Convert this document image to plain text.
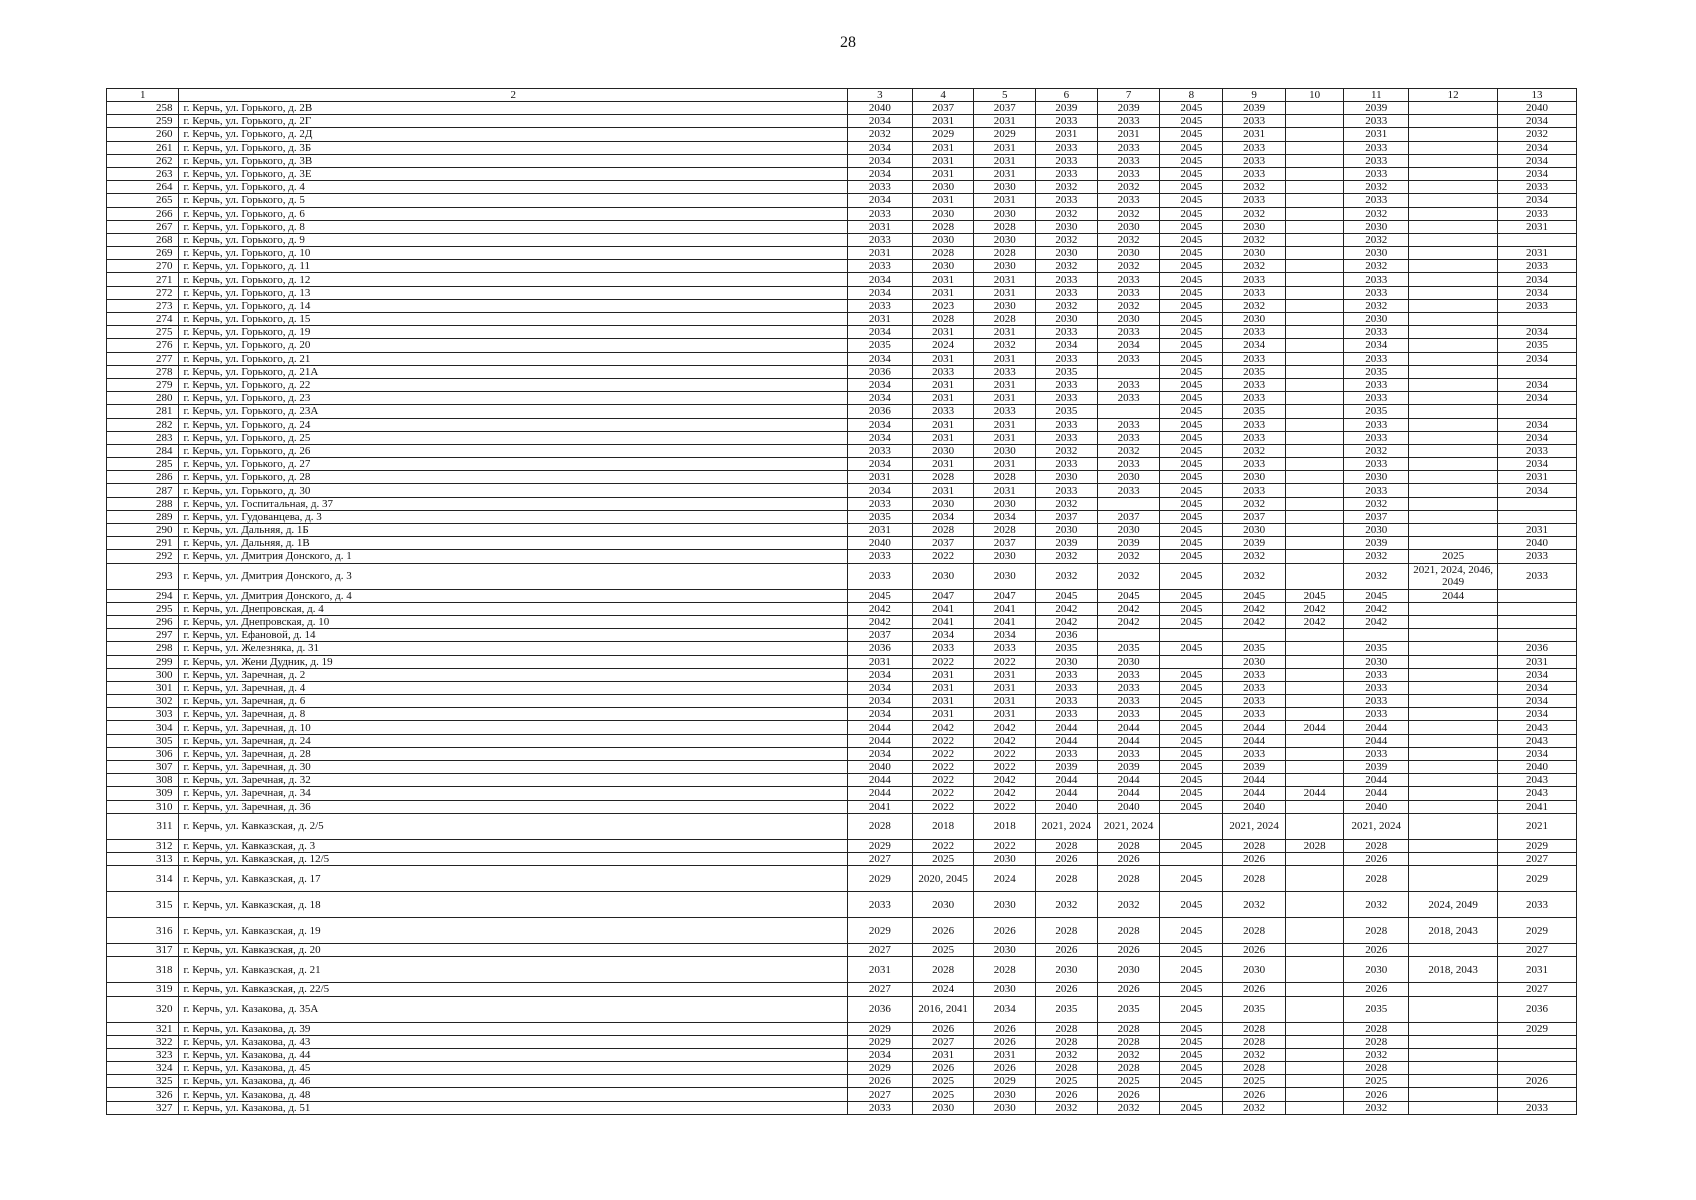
28
1	2	3	4	5	6	7	8	9	10	11	12	13
258	г. Керчь, ул. Горького, д. 2В	2040	2037	2037	2039	2039	2045	2039		2039		2040
259	г. Керчь, ул. Горького, д. 2Г	2034	2031	2031	2033	2033	2045	2033		2033		2034
260	г. Керчь, ул. Горького, д. 2Д	2032	2029	2029	2031	2031	2045	2031		2031		2032
261	г. Керчь, ул. Горького, д. 3Б	2034	2031	2031	2033	2033	2045	2033		2033		2034
262	г. Керчь, ул. Горького, д. 3В	2034	2031	2031	2033	2033	2045	2033		2033		2034
263	г. Керчь, ул. Горького, д. 3Е	2034	2031	2031	2033	2033	2045	2033		2033		2034
264	г. Керчь, ул. Горького, д. 4	2033	2030	2030	2032	2032	2045	2032		2032		2033
265	г. Керчь, ул. Горького, д. 5	2034	2031	2031	2033	2033	2045	2033		2033		2034
266	г. Керчь, ул. Горького, д. 6	2033	2030	2030	2032	2032	2045	2032		2032		2033
267	г. Керчь, ул. Горького, д. 8	2031	2028	2028	2030	2030	2045	2030		2030		2031
268	г. Керчь, ул. Горького, д. 9	2033	2030	2030	2032	2032	2045	2032		2032		
269	г. Керчь, ул. Горького, д. 10	2031	2028	2028	2030	2030	2045	2030		2030		2031
270	г. Керчь, ул. Горького, д. 11	2033	2030	2030	2032	2032	2045	2032		2032		2033
271	г. Керчь, ул. Горького, д. 12	2034	2031	2031	2033	2033	2045	2033		2033		2034
272	г. Керчь, ул. Горького, д. 13	2034	2031	2031	2033	2033	2045	2033		2033		2034
273	г. Керчь, ул. Горького, д. 14	2033	2023	2030	2032	2032	2045	2032		2032		2033
274	г. Керчь, ул. Горького, д. 15	2031	2028	2028	2030	2030	2045	2030		2030		
275	г. Керчь, ул. Горького, д. 19	2034	2031	2031	2033	2033	2045	2033		2033		2034
276	г. Керчь, ул. Горького, д. 20	2035	2024	2032	2034	2034	2045	2034		2034		2035
277	г. Керчь, ул. Горького, д. 21	2034	2031	2031	2033	2033	2045	2033		2033		2034
278	г. Керчь, ул. Горького, д. 21А	2036	2033	2033	2035		2045	2035		2035		
279	г. Керчь, ул. Горького, д. 22	2034	2031	2031	2033	2033	2045	2033		2033		2034
280	г. Керчь, ул. Горького, д. 23	2034	2031	2031	2033	2033	2045	2033		2033		2034
281	г. Керчь, ул. Горького, д. 23А	2036	2033	2033	2035		2045	2035		2035		
282	г. Керчь, ул. Горького, д. 24	2034	2031	2031	2033	2033	2045	2033		2033		2034
283	г. Керчь, ул. Горького, д. 25	2034	2031	2031	2033	2033	2045	2033		2033		2034
284	г. Керчь, ул. Горького, д. 26	2033	2030	2030	2032	2032	2045	2032		2032		2033
285	г. Керчь, ул. Горького, д. 27	2034	2031	2031	2033	2033	2045	2033		2033		2034
286	г. Керчь, ул. Горького, д. 28	2031	2028	2028	2030	2030	2045	2030		2030		2031
287	г. Керчь, ул. Горького, д. 30	2034	2031	2031	2033	2033	2045	2033		2033		2034
288	г. Керчь, ул. Госпитальная, д. 37	2033	2030	2030	2032		2045	2032		2032		
289	г. Керчь, ул. Гудованцева, д. 3	2035	2034	2034	2037	2037	2045	2037		2037		
290	г. Керчь, ул. Дальняя, д. 1Б	2031	2028	2028	2030	2030	2045	2030		2030		2031
291	г. Керчь, ул. Дальняя, д. 1В	2040	2037	2037	2039	2039	2045	2039		2039		2040
292	г. Керчь, ул. Дмитрия Донского, д. 1	2033	2022	2030	2032	2032	2045	2032		2032	2025	2033
293	г. Керчь, ул. Дмитрия Донского, д. 3	2033	2030	2030	2032	2032	2045	2032		2032	2021, 2024, 2046, 2049	2033
294	г. Керчь, ул. Дмитрия Донского, д. 4	2045	2047	2047	2045	2045	2045	2045	2045	2045	2044	
295	г. Керчь, ул. Днепровская, д. 4	2042	2041	2041	2042	2042	2045	2042	2042	2042		
296	г. Керчь, ул. Днепровская, д. 10	2042	2041	2041	2042	2042	2045	2042	2042	2042		
297	г. Керчь, ул. Ефановой, д. 14	2037	2034	2034	2036							
298	г. Керчь, ул. Железняка, д. 31	2036	2033	2033	2035	2035	2045	2035		2035		2036
299	г. Керчь, ул. Жени Дудник, д. 19	2031	2022	2022	2030	2030		2030		2030		2031
300	г. Керчь, ул. Заречная, д. 2	2034	2031	2031	2033	2033	2045	2033		2033		2034
301	г. Керчь, ул. Заречная, д. 4	2034	2031	2031	2033	2033	2045	2033		2033		2034
302	г. Керчь, ул. Заречная, д. 6	2034	2031	2031	2033	2033	2045	2033		2033		2034
303	г. Керчь, ул. Заречная, д. 8	2034	2031	2031	2033	2033	2045	2033		2033		2034
304	г. Керчь, ул. Заречная, д. 10	2044	2042	2042	2044	2044	2045	2044	2044	2044		2043
305	г. Керчь, ул. Заречная, д. 24	2044	2022	2042	2044	2044	2045	2044		2044		2043
306	г. Керчь, ул. Заречная, д. 28	2034	2022	2022	2033	2033	2045	2033		2033		2034
307	г. Керчь, ул. Заречная, д. 30	2040	2022	2022	2039	2039	2045	2039		2039		2040
308	г. Керчь, ул. Заречная, д. 32	2044	2022	2042	2044	2044	2045	2044		2044		2043
309	г. Керчь, ул. Заречная, д. 34	2044	2022	2042	2044	2044	2045	2044	2044	2044		2043
310	г. Керчь, ул. Заречная, д. 36	2041	2022	2022	2040	2040	2045	2040		2040		2041
311	г. Керчь, ул. Кавказская, д. 2/5	2028	2018	2018	2021, 2024	2021, 2024		2021, 2024		2021, 2024		2021
312	г. Керчь, ул. Кавказская, д. 3	2029	2022	2022	2028	2028	2045	2028	2028	2028		2029
313	г. Керчь, ул. Кавказская, д. 12/5	2027	2025	2030	2026	2026		2026		2026		2027
314	г. Керчь, ул. Кавказская, д. 17	2029	2020, 2045	2024	2028	2028	2045	2028		2028		2029
315	г. Керчь, ул. Кавказская, д. 18	2033	2030	2030	2032	2032	2045	2032		2032	2024, 2049	2033
316	г. Керчь, ул. Кавказская, д. 19	2029	2026	2026	2028	2028	2045	2028		2028	2018, 2043	2029
317	г. Керчь, ул. Кавказская, д. 20	2027	2025	2030	2026	2026	2045	2026		2026		2027
318	г. Керчь, ул. Кавказская, д. 21	2031	2028	2028	2030	2030	2045	2030		2030	2018, 2043	2031
319	г. Керчь, ул. Кавказская, д. 22/5	2027	2024	2030	2026	2026	2045	2026		2026		2027
320	г. Керчь, ул. Казакова, д. 35А	2036	2016, 2041	2034	2035	2035	2045	2035		2035		2036
321	г. Керчь, ул. Казакова, д. 39	2029	2026	2026	2028	2028	2045	2028		2028		2029
322	г. Керчь, ул. Казакова, д. 43	2029	2027	2026	2028	2028	2045	2028		2028		
323	г. Керчь, ул. Казакова, д. 44	2034	2031	2031	2032	2032	2045	2032		2032		
324	г. Керчь, ул. Казакова, д. 45	2029	2026	2026	2028	2028	2045	2028		2028		
325	г. Керчь, ул. Казакова, д. 46	2026	2025	2029	2025	2025	2045	2025		2025		2026
326	г. Керчь, ул. Казакова, д. 48	2027	2025	2030	2026	2026		2026		2026		
327	г. Керчь, ул. Казакова, д. 51	2033	2030	2030	2032	2032	2045	2032		2032		2033
